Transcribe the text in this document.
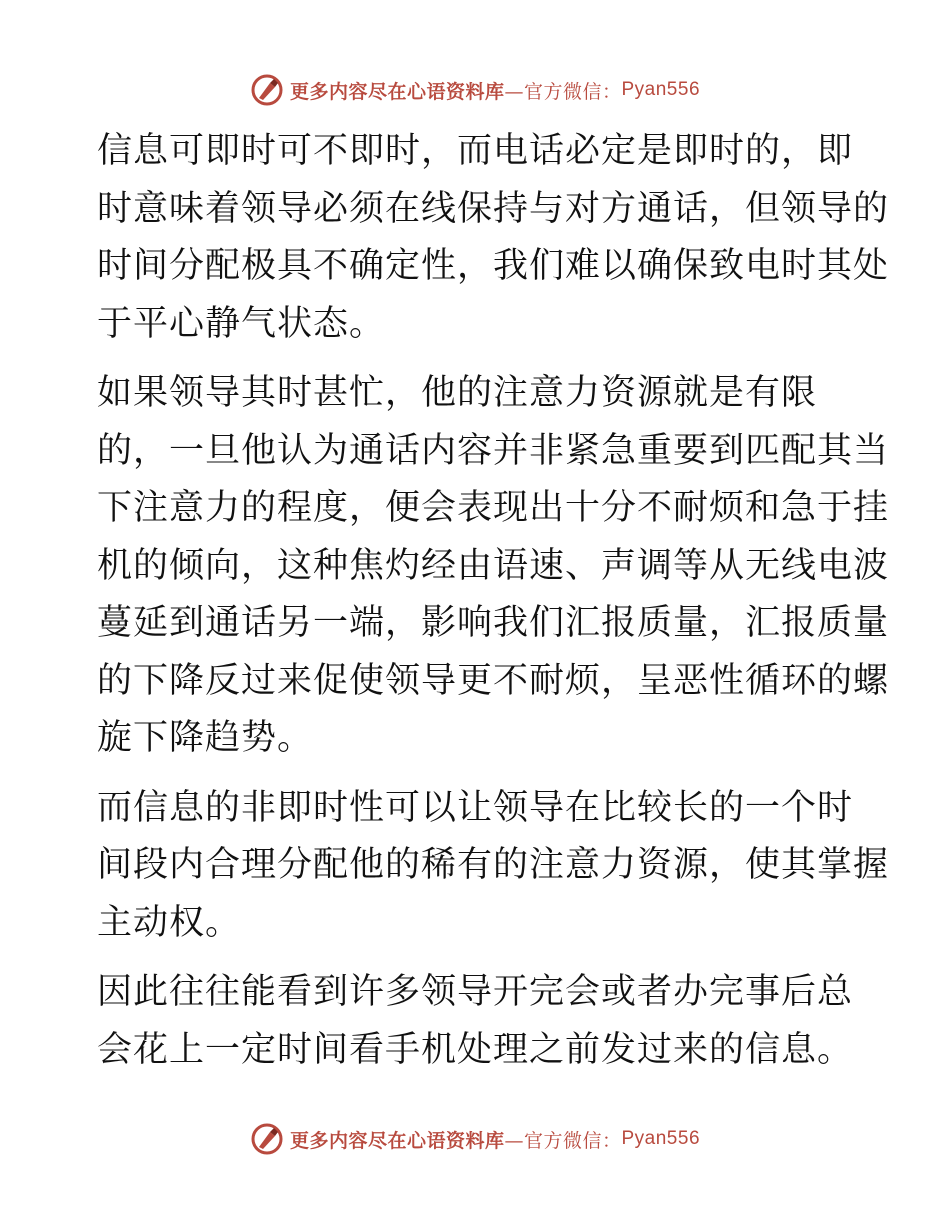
更多内容尽在心语资料库 —官方微信： Pyan556
信息可即时可不即时，而电话必定是即时的，即
时意味着领导必须在线保持与对方通话，但领导的
时间分配极具不确定性，我们难以确保致电时其处
于平心静气状态。
如果领导其时甚忙，他的注意力资源就是有限
的，一旦他认为通话内容并非紧急重要到匹配其当
下注意力的程度，便会表现出十分不耐烦和急于挂
机的倾向，这种焦灼经由语速、声调等从无线电波
蔓延到通话另一端，影响我们汇报质量，汇报质量
的下降反过来促使领导更不耐烦，呈恶性循环的螺
旋下降趋势。
而信息的非即时性可以让领导在比较长的一个时
间段内合理分配他的稀有的注意力资源，使其掌握
主动权。
因此往往能看到许多领导开完会或者办完事后总
会花上一定时间看手机处理之前发过来的信息。
更多内容尽在心语资料库 —官方微信： Pyan556
